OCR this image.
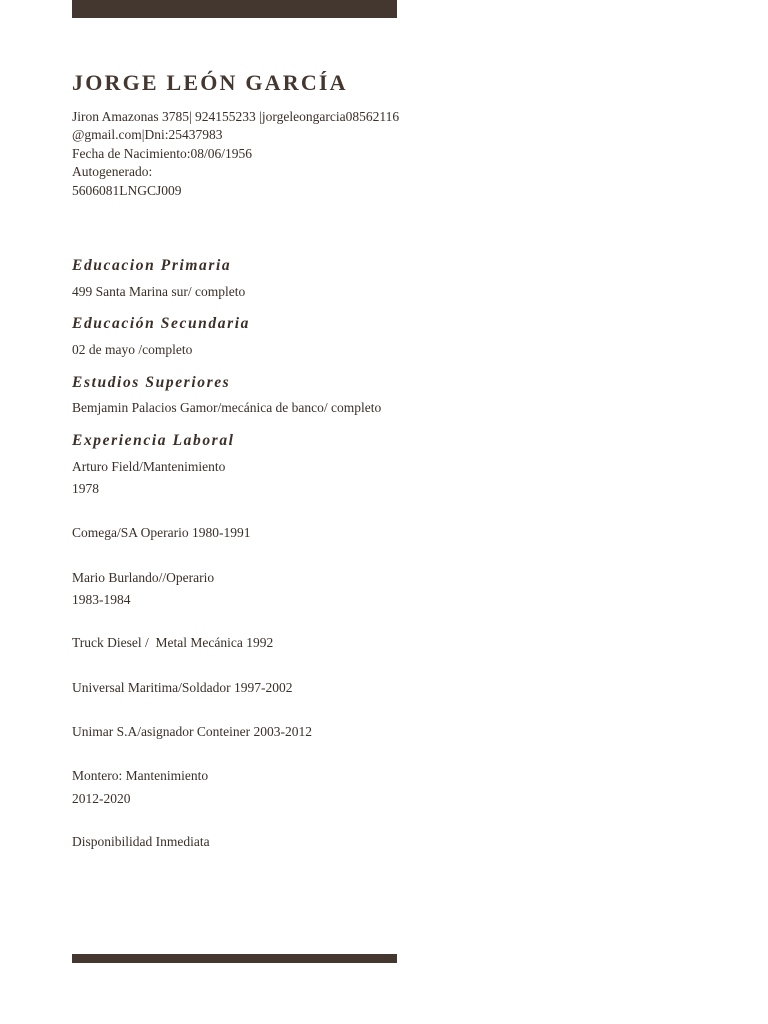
JORGE LEÓN GARCÍA
Jiron Amazonas 3785| 924155233 |jorgeleongarcia08562116
@gmail.com|Dni:25437983
Fecha de Nacimiento:08/06/1956
Autogenerado:
5606081LNGCJ009
Educacion Primaria
499 Santa Marina sur/ completo
Educación Secundaria
02 de mayo /completo
Estudios Superiores
Bemjamin Palacios Gamor/mecánica de banco/ completo
Experiencia Laboral
Arturo Field/Mantenimiento
1978
Comega/SA Operario 1980-1991
Mario Burlando//Operario
1983-1984
Truck Diesel /  Metal Mecánica 1992
Universal Maritima/Soldador 1997-2002
Unimar S.A/asignador Conteiner 2003-2012
Montero: Mantenimiento
2012-2020
Disponibilidad Inmediata
